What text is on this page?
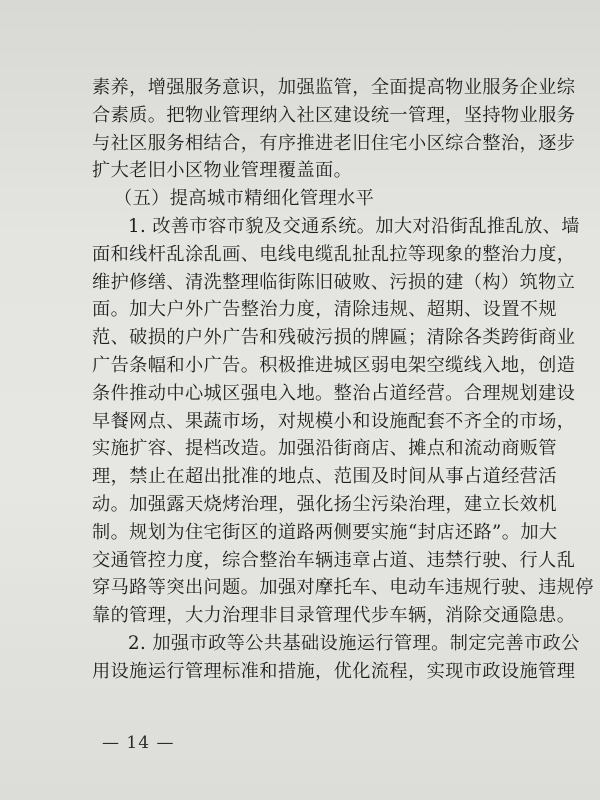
素养，增强服务意识，加强监管，全面提高物业服务企业综
合素质。把物业管理纳入社区建设统一管理，坚持物业服务
与社区服务相结合，有序推进老旧住宅小区综合整治，逐步
扩大老旧小区物业管理覆盖面。
（五）提高城市精细化管理水平
1. 改善市容市貌及交通系统。加大对沿街乱推乱放、墙
面和线杆乱涂乱画、电线电缆乱扯乱拉等现象的整治力度，
维护修缮、清洗整理临街陈旧破败、污损的建（构）筑物立
面。加大户外广告整治力度，清除违规、超期、设置不规
范、破损的户外广告和残破污损的牌匾；清除各类跨街商业
广告条幅和小广告。积极推进城区弱电架空缆线入地，创造
条件推动中心城区强电入地。整治占道经营。合理规划建设
早餐网点、果蔬市场，对规模小和设施配套不齐全的市场，
实施扩容、提档改造。加强沿街商店、摊点和流动商贩管
理，禁止在超出批准的地点、范围及时间从事占道经营活
动。加强露天烧烤治理，强化扬尘污染治理，建立长效机
制。规划为住宅街区的道路两侧要实施“封店还路”。加大
交通管控力度，综合整治车辆违章占道、违禁行驶、行人乱
穿马路等突出问题。加强对摩托车、电动车违规行驶、违规停
靠的管理，大力治理非目录管理代步车辆，消除交通隐患。
2. 加强市政等公共基础设施运行管理。制定完善市政公
用设施运行管理标准和措施，优化流程，实现市政设施管理
— 14 —
